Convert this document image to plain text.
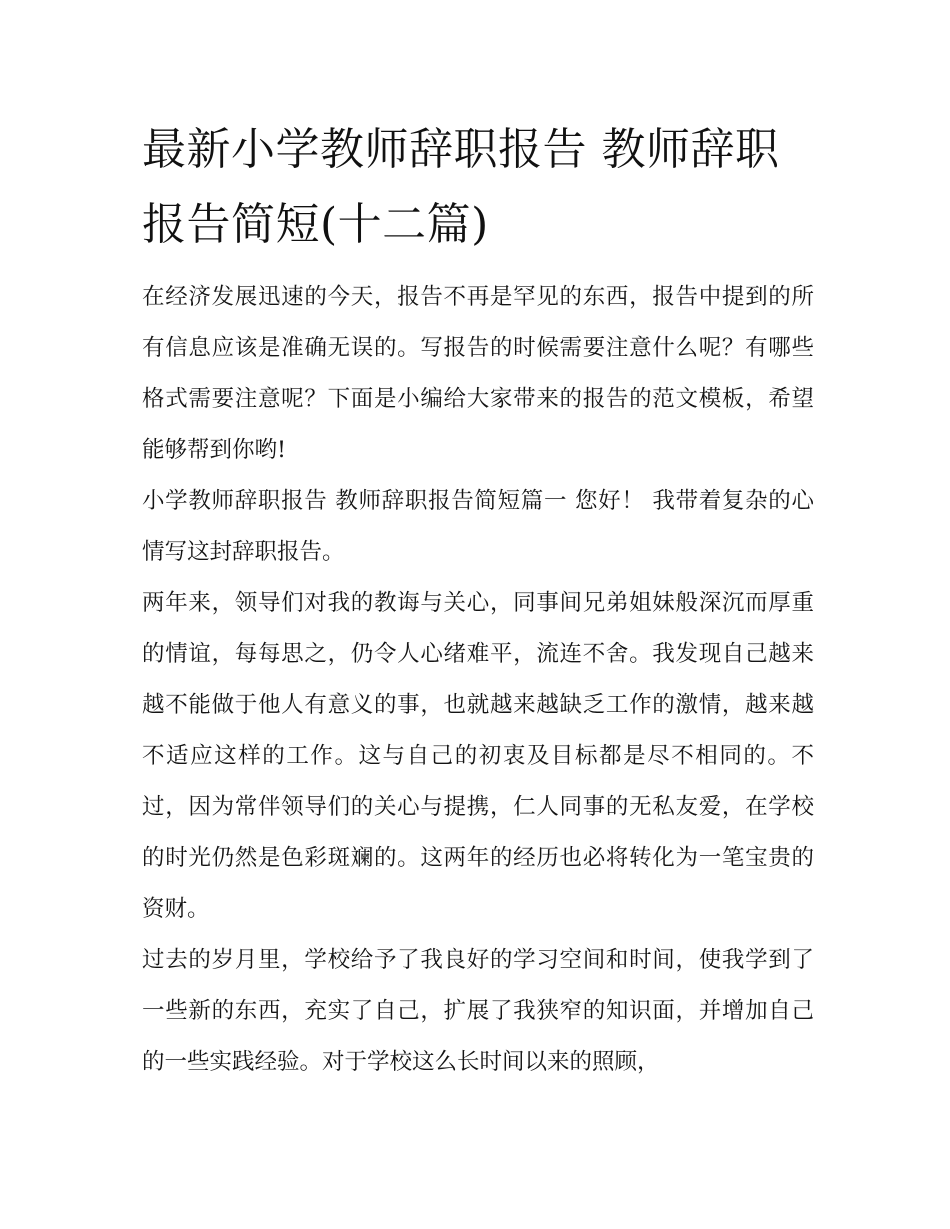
最新小学教师辞职报告 教师辞职报告简短(十二篇)

在经济发展迅速的今天，报告不再是罕见的东西，报告中提到的所有信息应该是准确无误的。写报告的时候需要注意什么呢？有哪些格式需要注意呢？下面是小编给大家带来的报告的范文模板，希望能够帮到你哟!

小学教师辞职报告 教师辞职报告简短篇一 您好！ 我带着复杂的心情写这封辞职报告。

两年来，领导们对我的教诲与关心，同事间兄弟姐妹般深沉而厚重的情谊，每每思之，仍令人心绪难平，流连不舍。我发现自己越来越不能做于他人有意义的事，也就越来越缺乏工作的激情，越来越不适应这样的工作。这与自己的初衷及目标都是尽不相同的。不过，因为常伴领导们的关心与提携，仁人同事的无私友爱，在学校的时光仍然是色彩斑斓的。这两年的经历也必将转化为一笔宝贵的资财。

过去的岁月里，学校给予了我良好的学习空间和时间，使我学到了一些新的东西，充实了自己，扩展了我狭窄的知识面，并增加自己的一些实践经验。对于学校这么长时间以来的照顾，
